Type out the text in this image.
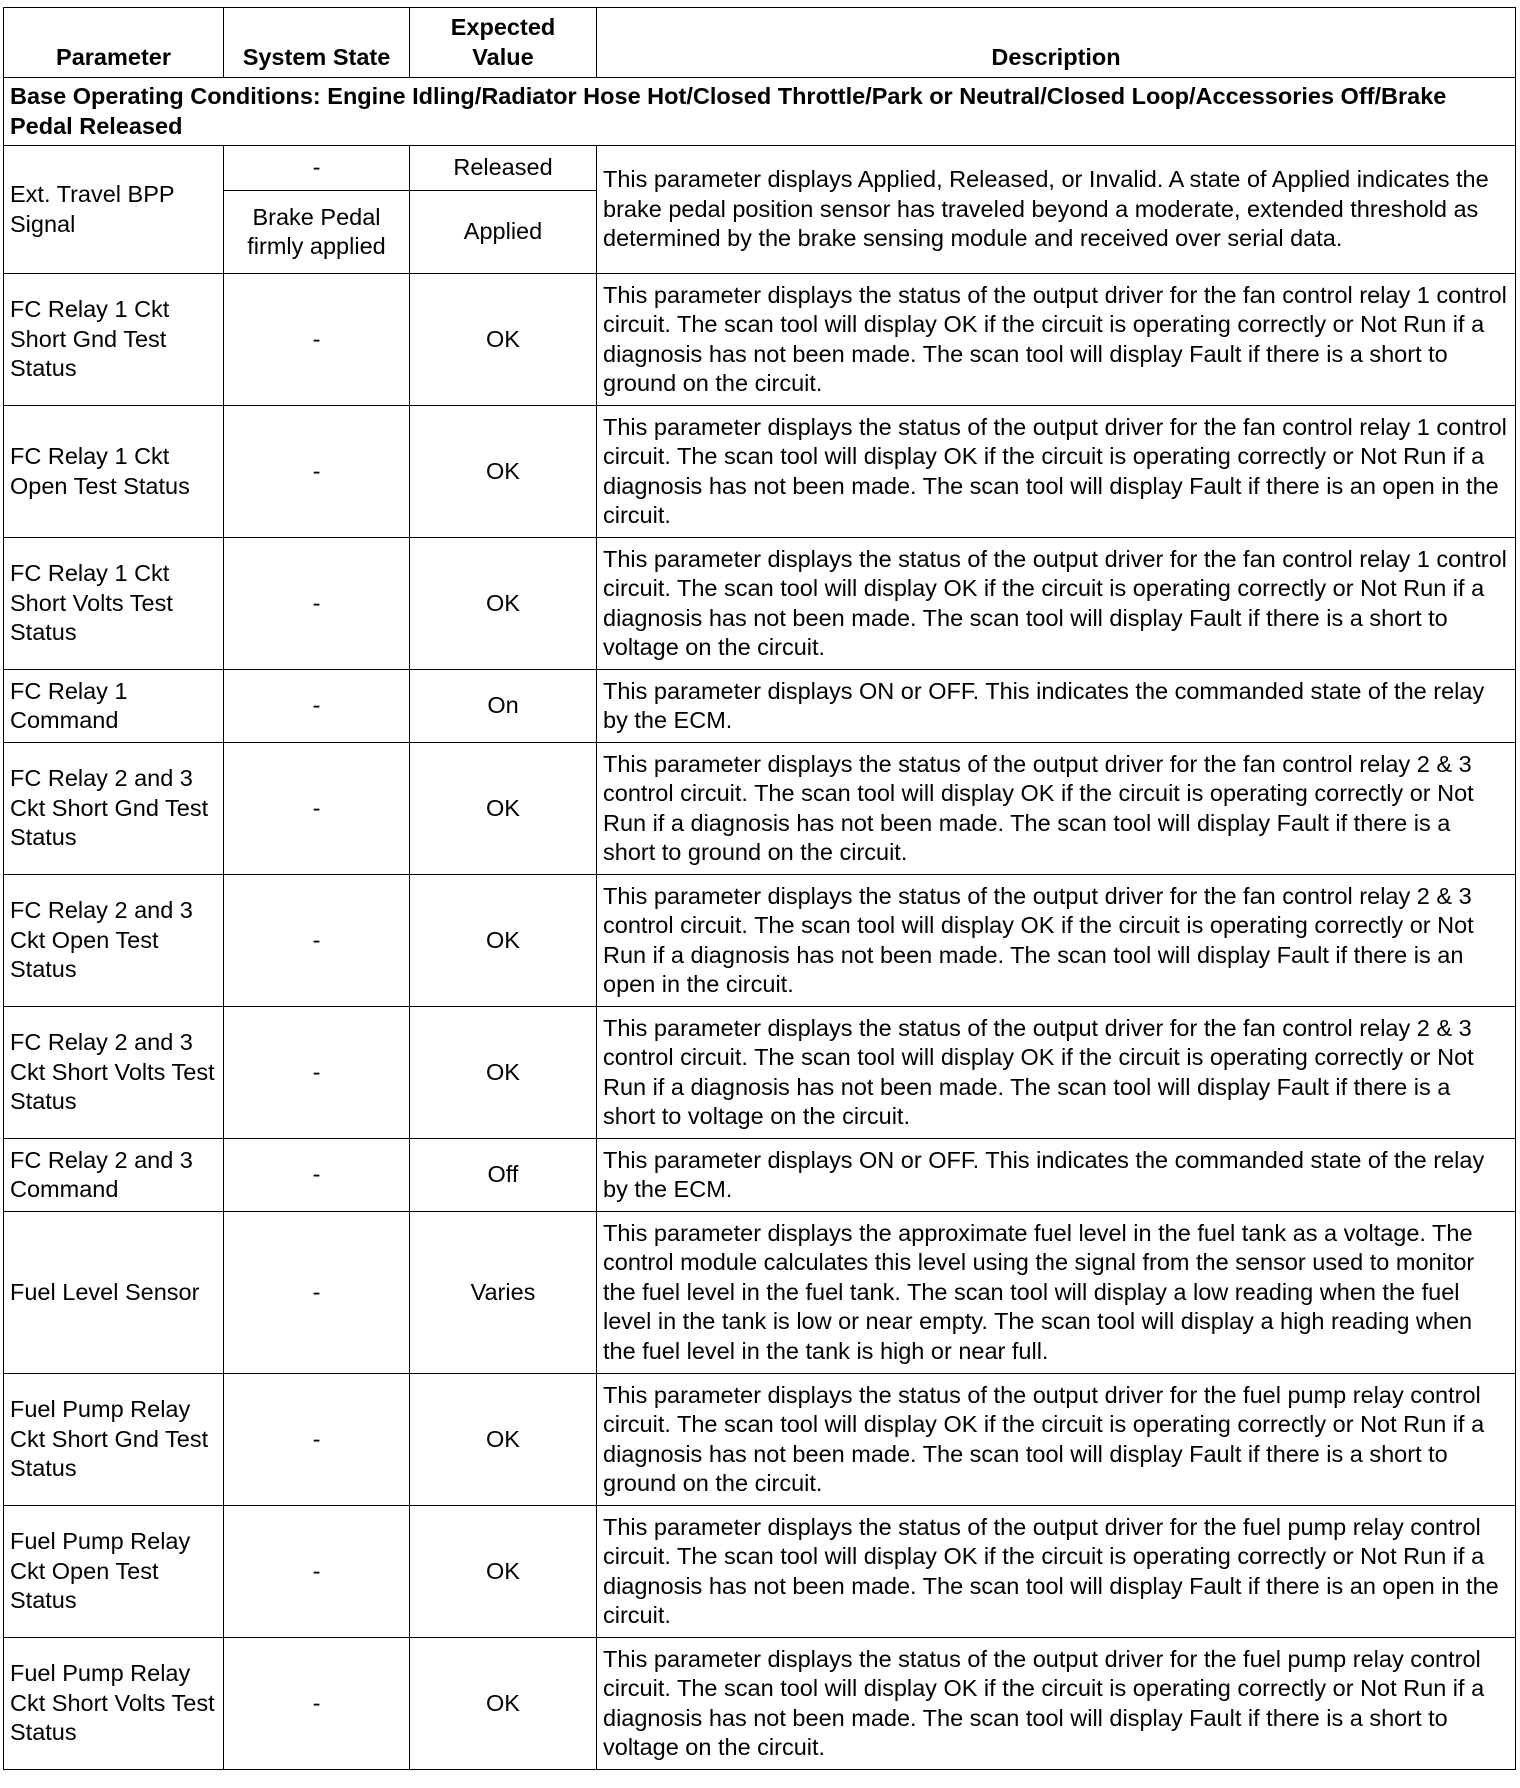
Parameter	System State	Expected Value	Description
Base Operating Conditions: Engine Idling/Radiator Hose Hot/Closed Throttle/Park or Neutral/Closed Loop/Accessories Off/Brake Pedal Released			
Ext. Travel BPP Signal	-	Released	This parameter displays Applied, Released, or Invalid. A state of Applied indicates the brake pedal position sensor has traveled beyond a moderate, extended threshold as determined by the brake sensing module and received over serial data.
	Brake Pedal firmly applied	Applied	
FC Relay 1 Ckt Short Gnd Test Status	-	OK	This parameter displays the status of the output driver for the fan control relay 1 control circuit. The scan tool will display OK if the circuit is operating correctly or Not Run if a diagnosis has not been made. The scan tool will display Fault if there is a short to ground on the circuit.
FC Relay 1 Ckt Open Test Status	-	OK	This parameter displays the status of the output driver for the fan control relay 1 control circuit. The scan tool will display OK if the circuit is operating correctly or Not Run if a diagnosis has not been made. The scan tool will display Fault if there is an open in the circuit.
FC Relay 1 Ckt Short Volts Test Status	-	OK	This parameter displays the status of the output driver for the fan control relay 1 control circuit. The scan tool will display OK if the circuit is operating correctly or Not Run if a diagnosis has not been made. The scan tool will display Fault if there is a short to voltage on the circuit.
FC Relay 1 Command	-	On	This parameter displays ON or OFF. This indicates the commanded state of the relay by the ECM.
FC Relay 2 and 3 Ckt Short Gnd Test Status	-	OK	This parameter displays the status of the output driver for the fan control relay 2 & 3 control circuit. The scan tool will display OK if the circuit is operating correctly or Not Run if a diagnosis has not been made. The scan tool will display Fault if there is a short to ground on the circuit.
FC Relay 2 and 3 Ckt Open Test Status	-	OK	This parameter displays the status of the output driver for the fan control relay 2 & 3 control circuit. The scan tool will display OK if the circuit is operating correctly or Not Run if a diagnosis has not been made. The scan tool will display Fault if there is an open in the circuit.
FC Relay 2 and 3 Ckt Short Volts Test Status	-	OK	This parameter displays the status of the output driver for the fan control relay 2 & 3 control circuit. The scan tool will display OK if the circuit is operating correctly or Not Run if a diagnosis has not been made. The scan tool will display Fault if there is a short to voltage on the circuit.
FC Relay 2 and 3 Command	-	Off	This parameter displays ON or OFF. This indicates the commanded state of the relay by the ECM.
Fuel Level Sensor	-	Varies	This parameter displays the approximate fuel level in the fuel tank as a voltage. The control module calculates this level using the signal from the sensor used to monitor the fuel level in the fuel tank. The scan tool will display a low reading when the fuel level in the tank is low or near empty. The scan tool will display a high reading when the fuel level in the tank is high or near full.
Fuel Pump Relay Ckt Short Gnd Test Status	-	OK	This parameter displays the status of the output driver for the fuel pump relay control circuit. The scan tool will display OK if the circuit is operating correctly or Not Run if a diagnosis has not been made. The scan tool will display Fault if there is a short to ground on the circuit.
Fuel Pump Relay Ckt Open Test Status	-	OK	This parameter displays the status of the output driver for the fuel pump relay control circuit. The scan tool will display OK if the circuit is operating correctly or Not Run if a diagnosis has not been made. The scan tool will display Fault if there is an open in the circuit.
Fuel Pump Relay Ckt Short Volts Test Status	-	OK	This parameter displays the status of the output driver for the fuel pump relay control circuit. The scan tool will display OK if the circuit is operating correctly or Not Run if a diagnosis has not been made. The scan tool will display Fault if there is a short to voltage on the circuit.
